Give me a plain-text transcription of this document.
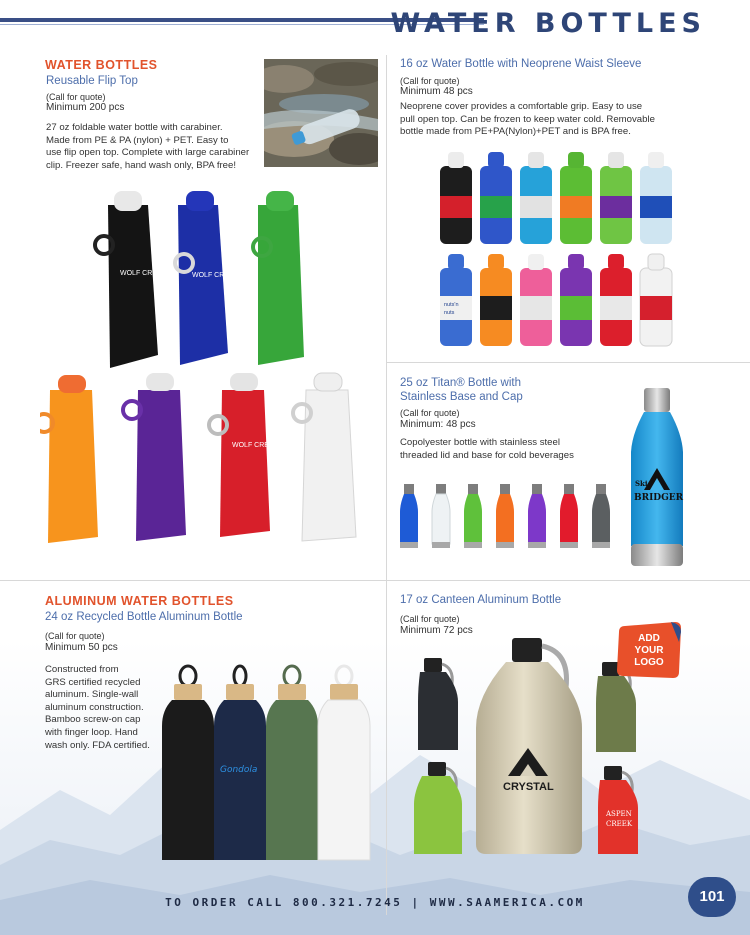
WATER BOTTLES
WATER BOTTLES
Reusable Flip Top
(Call for quote)
Minimum 200 pcs
27 oz foldable water bottle with carabiner.
Made from PE & PA (nylon) + PET. Easy to
use flip open top. Complete with large carabiner
clip. Freezer safe, hand wash only, BPA free!
WOLF CREEK	WOLF CREEK
WOLF CREEK
16 oz Water Bottle with Neoprene Waist Sleeve
(Call for quote)
Minimum 48 pcs
Neoprene cover provides a comfortable grip. Easy to use
pull open top. Can be frozen to keep water cold. Removable
bottle made from PE+PA(Nylon)+PET and is BPA free.
nuts'n
nuts
25 oz Titan® Bottle with
Stainless Base and Cap
(Call for quote)
Minimum: 48 pcs
Copolyester bottle with stainless steel
threaded lid and base for cold beverages
Ski
BRIDGER
ALUMINUM WATER BOTTLES
24 oz Recycled Bottle Aluminum Bottle
(Call for quote)
Minimum 50 pcs
Constructed from
GRS certified recycled
aluminum. Single-wall
aluminum construction.
Bamboo screw-on cap
with finger loop. Hand
wash only. FDA certified.
Gondola
17 oz Canteen Aluminum Bottle
(Call for quote)
Minimum 72 pcs
CRYSTAL
ASPEN
CREEK
ADD
YOUR
LOGO
TO ORDER CALL 800.321.7245 | WWW.SAAMERICA.COM	101
